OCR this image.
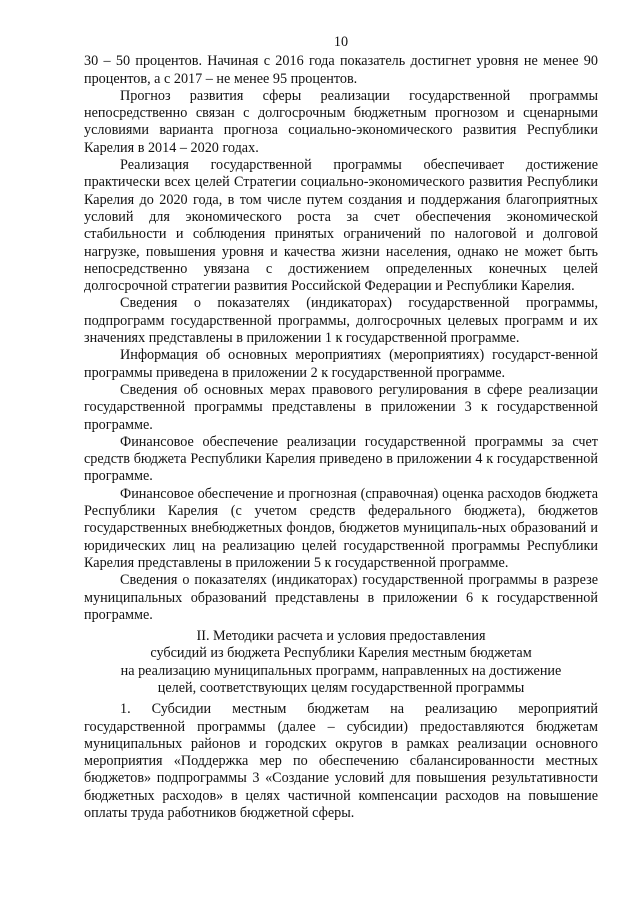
10

30 – 50 процентов. Начиная с 2016 года показатель достигнет уровня не менее 90 процентов, а с 2017 – не менее 95 процентов.

Прогноз развития сферы реализации государственной программы непосредственно связан с долгосрочным бюджетным прогнозом и сценарными условиями варианта прогноза социально-экономического развития Республики Карелия в 2014 – 2020 годах.

Реализация государственной программы обеспечивает достижение практически всех целей Стратегии социально-экономического развития Республики Карелия до 2020 года, в том числе путем создания и поддержания благоприятных условий для экономического роста за счет обеспечения экономической стабильности и соблюдения принятых ограничений по налоговой и долговой нагрузке, повышения уровня и качества жизни населения, однако не может быть непосредственно увязана с достижением определенных конечных целей долгосрочной стратегии развития Российской Федерации и Республики Карелия.

Сведения о показателях (индикаторах) государственной программы, подпрограмм государственной программы, долгосрочных целевых программ и их значениях представлены в приложении 1 к государственной программе.

Информация об основных мероприятиях (мероприятиях) государст-венной программы приведена в приложении 2 к государственной программе.

Сведения об основных мерах правового регулирования в сфере реализации государственной программы представлены в приложении 3 к государственной программе.

Финансовое обеспечение реализации государственной программы за счет средств бюджета Республики Карелия приведено в приложении 4 к государственной программе.

Финансовое обеспечение и прогнозная (справочная) оценка расходов бюджета Республики Карелия (с учетом средств федерального бюджета), бюджетов государственных внебюджетных фондов, бюджетов муниципаль-ных образований и юридических лиц на реализацию целей государственной программы Республики Карелия представлены в приложении 5 к государственной программе.

Сведения о показателях (индикаторах) государственной программы в разрезе муниципальных образований представлены в приложении 6 к государственной программе.

II. Методики расчета и условия предоставления
субсидий из бюджета Республики Карелия местным бюджетам
на реализацию муниципальных программ, направленных на достижение
целей, соответствующих целям государственной программы

1. Субсидии местным бюджетам на реализацию мероприятий государственной программы (далее – субсидии) предоставляются бюджетам муниципальных районов и городских округов в рамках реализации основного мероприятия «Поддержка мер по обеспечению сбалансированности местных бюджетов» подпрограммы 3 «Создание условий для повышения результативности бюджетных расходов» в целях частичной компенсации расходов на повышение оплаты труда работников бюджетной сферы.
